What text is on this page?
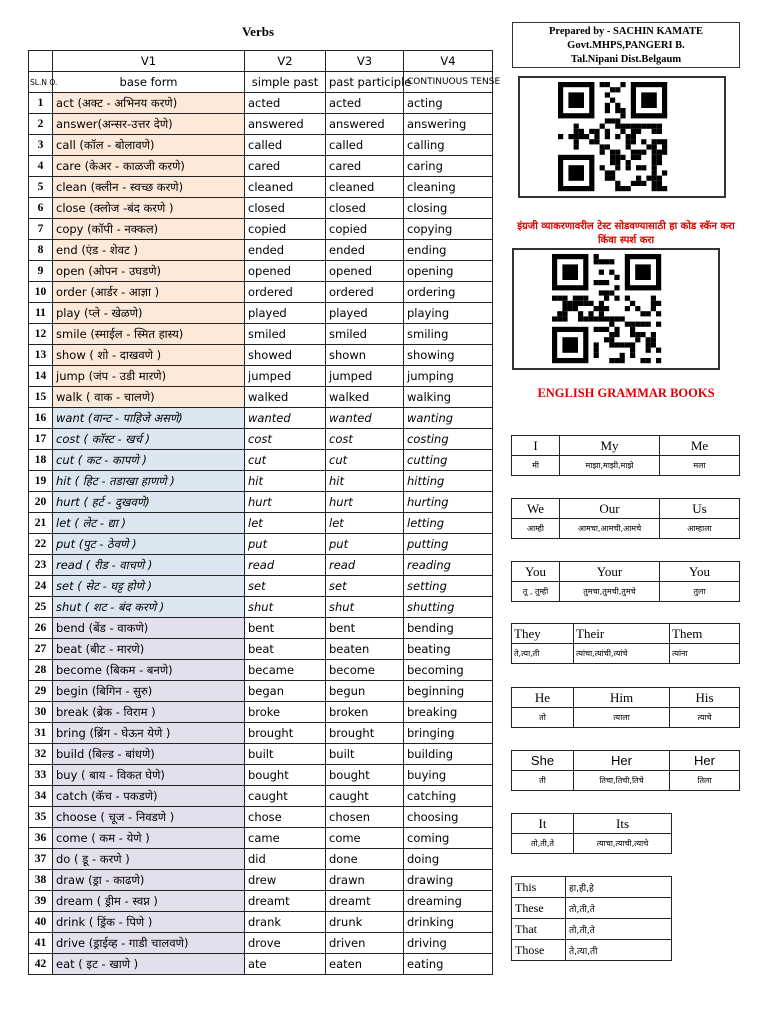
Verbs
	V1	V2	V3	V4
SL.N O.	base form	simple past	past participle	CONTINUOUS TENSE
1	act (अक्ट - अभिनय करणे)	acted	acted	acting
2	answer(अन्सर-उत्तर देणे)	answered	answered	answering
3	call (कॉल - बोलावणे)	called	called	calling
4	care (केअर - काळजी करणे)	cared	cared	caring
5	clean (क्लीन - स्वच्छ करणे)	cleaned	cleaned	cleaning
6	close (क्लोज -बंद करणे )	closed	closed	closing
7	copy (कॉपी - नक्कल)	copied	copied	copying
8	end (एंड - शेवट )	ended	ended	ending
9	open (ओपन - उघडणे)	opened	opened	opening
10	order (आर्डर - आज्ञा )	ordered	ordered	ordering
11	play (प्ले - खेळणे)	played	played	playing
12	smile (स्माईल - स्मित हास्य)	smiled	smiled	smiling
13	show ( शो - दाखवणे )	showed	shown	showing
14	jump (जंप - उडी मारणे)	jumped	jumped	jumping
15	walk ( वाक - चालणे)	walked	walked	walking
16	want (वान्ट - पाहिजे असणे)	wanted	wanted	wanting
17	cost ( कॉस्ट - खर्च )	cost	cost	costing
18	cut ( कट - कापणे )	cut	cut	cutting
19	hit ( हिट - तडाखा हाणणे )	hit	hit	hitting
20	hurt ( हर्ट - दुखवणे)	hurt	hurt	hurting
21	let ( लेट - द्या )	let	let	letting
22	put (पुट - ठेवणे )	put	put	putting
23	read ( रीड - वाचणे )	read	read	reading
24	set ( सेट - घट्ट होणे )	set	set	setting
25	shut ( शट - बंद करणे )	shut	shut	shutting
26	bend (बेंड - वाकणे)	bent	bent	bending
27	beat (बीट - मारणे)	beat	beaten	beating
28	become (बिकम - बनणे)	became	become	becoming
29	begin (बिगिन - सुरु)	began	begun	beginning
30	break (ब्रेक - विराम )	broke	broken	breaking
31	bring (ब्रिंग - घेऊन येणे )	brought	brought	bringing
32	build (बिल्ड - बांधणे)	built	built	building
33	buy ( बाय - विकत घेणे)	bought	bought	buying
34	catch (कॅच - पकडणे)	caught	caught	catching
35	choose ( चूज - निवडणे )	chose	chosen	choosing
36	come ( कम - येणे )	came	come	coming
37	do ( डू - करणे )	did	done	doing
38	draw (ड्रा - काढणे)	drew	drawn	drawing
39	dream ( ड्रीम - स्वप्न )	dreamt	dreamt	dreaming
40	drink ( ड्रिंक - पिणे )	drank	drunk	drinking
41	drive (ड्राईव्ह - गाडी चालवणे)	drove	driven	driving
42	eat ( इट - खाणे )	ate	eaten	eating
Prepared by - SACHIN KAMATE
Govt.MHPS,PANGERI B.
Tal.Nipani Dist.Belgaum
इंग्रजी व्याकरणावरील टेस्ट सोडवण्यासाठी हा कोड स्कॅन करा किंवा स्पर्श करा
ENGLISH GRAMMAR BOOKS
I	My	Me
मी	माझा,माझी,माझे	मला
We	Our	Us
आम्ही	आमचा,आमची,आमचे	आम्हाला
You	Your	You
तू , तुम्ही	तुमचा,तुमची,तुमचे	तुला
They	Their	Them
ते,त्या,ती	त्यांचा,त्यांची,त्यांचे	त्यांना
He	Him	His
तो	त्याला	त्याचे
She	Her	Her
ती	तिचा,तिची,तिचे	तिला
It	Its
तो,ती,ते	त्याचा,त्याची,त्याचे
This	हा,ही,हे
These	तो,ती,ते
That	तो,ती,ते
Those	ते,त्या,ती
